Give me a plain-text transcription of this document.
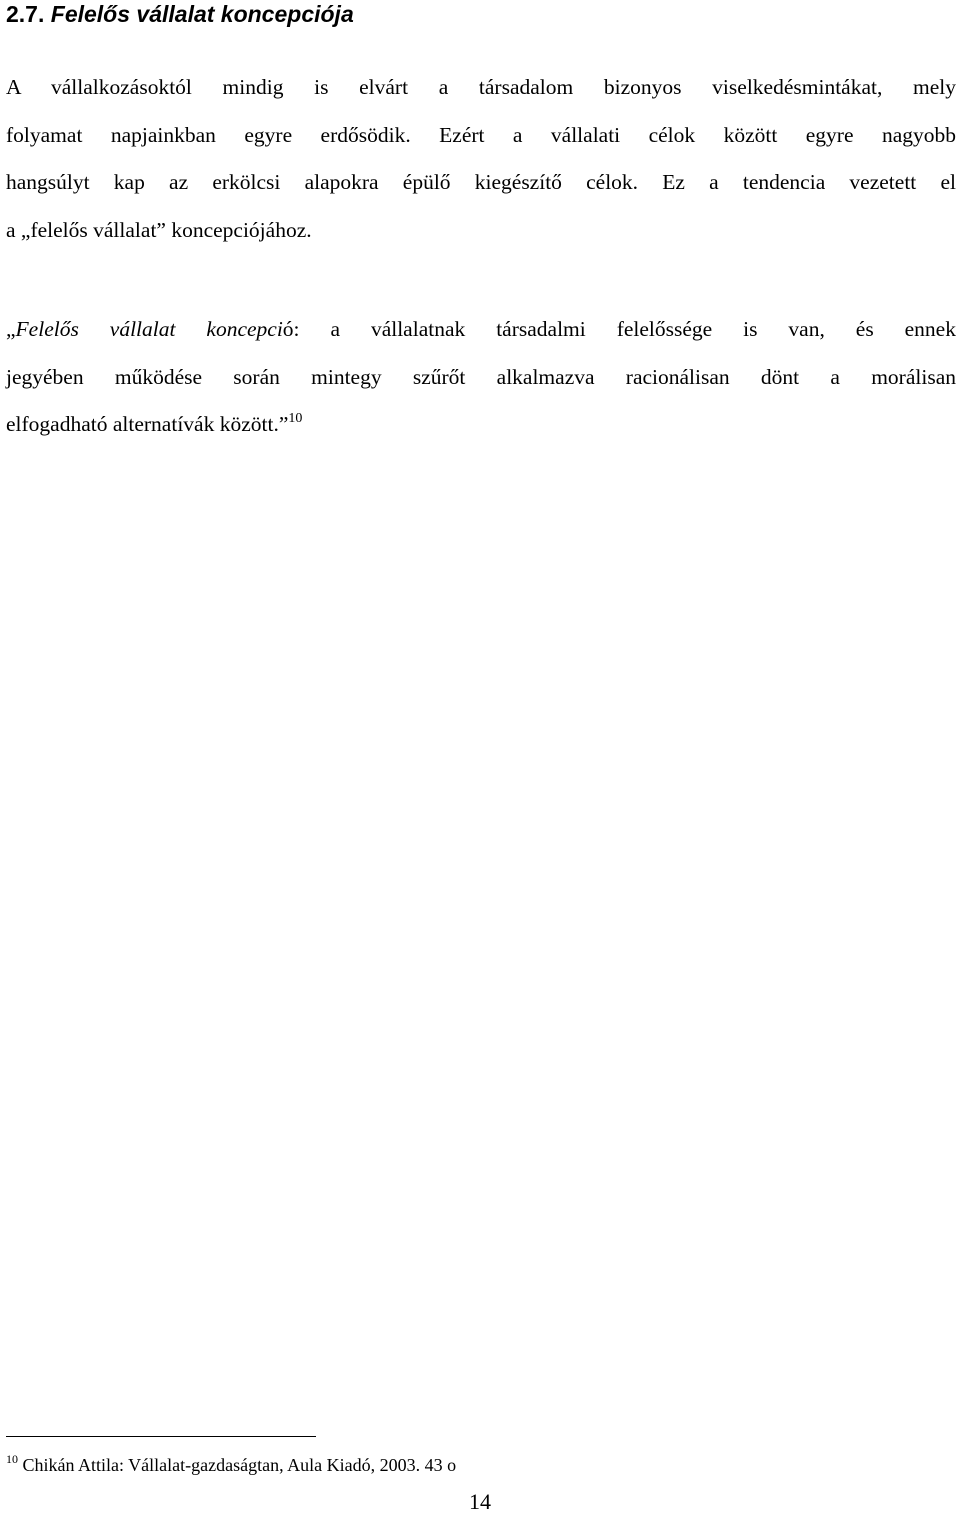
2.7. Felelős vállalat koncepciója
A vállalkozásoktól mindig is elvárt a társadalom bizonyos viselkedésmintákat, mely
folyamat napjainkban egyre erdősödik. Ezért a vállalati célok között egyre nagyobb
hangsúlyt kap az erkölcsi alapokra épülő kiegészítő célok. Ez a tendencia vezetett el
a „felelős vállalat” koncepciójához.
„Felelős vállalat koncepció: a vállalatnak társadalmi felelőssége is van, és ennek
jegyében működése során mintegy szűrőt alkalmazva racionálisan dönt a morálisan
elfogadható alternatívák között.”$^{10}$

$^{10}$ Chikán Attila: Vállalat-gazdaságtan, Aula Kiadó, 2003. 43 o

14
